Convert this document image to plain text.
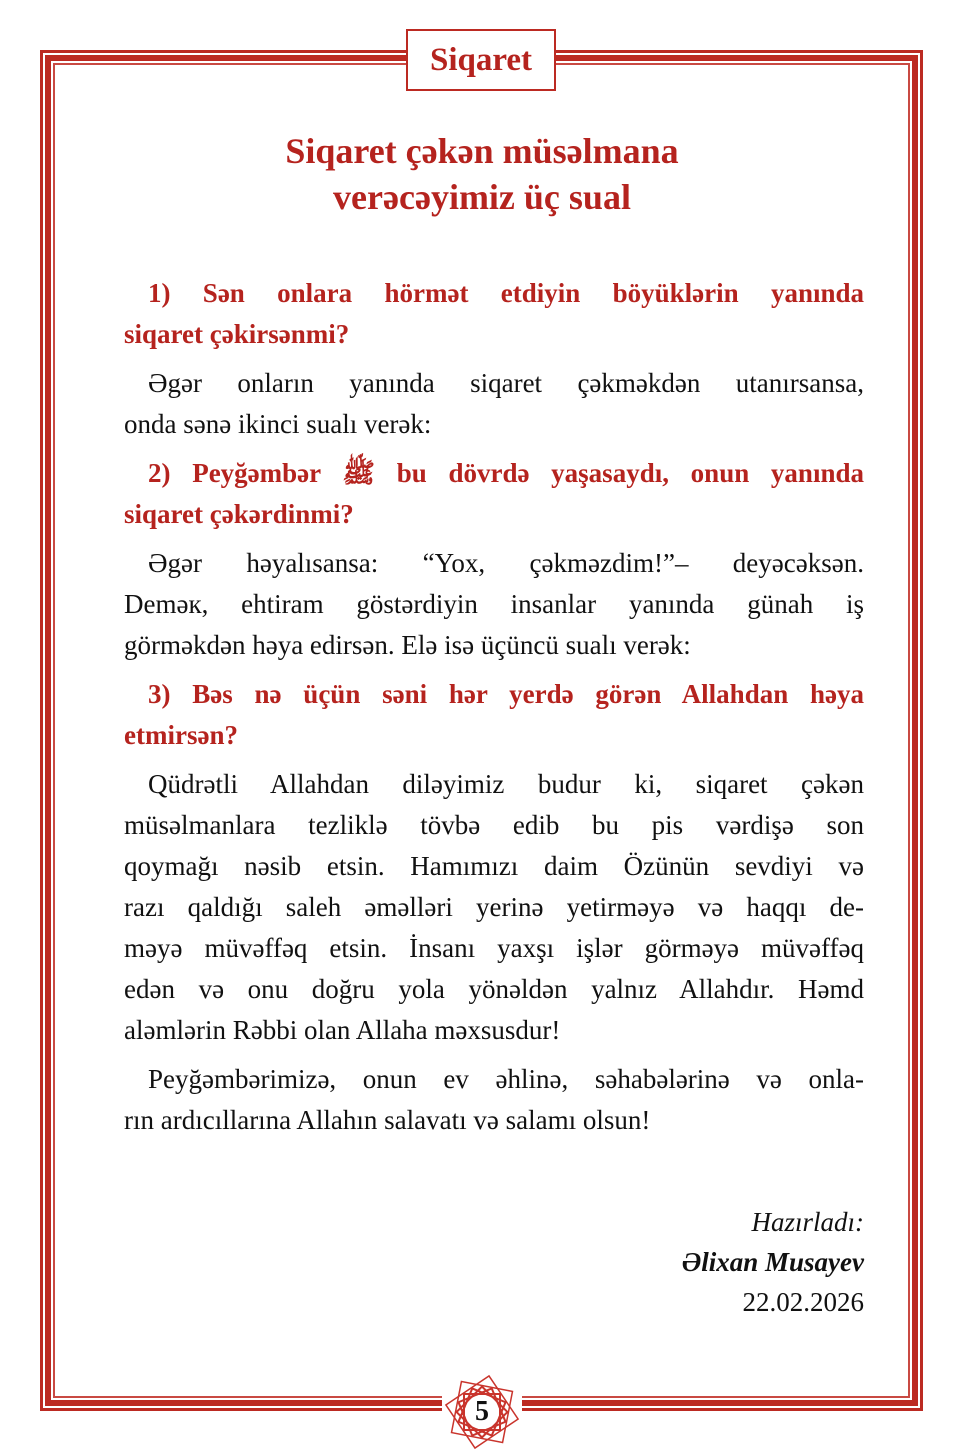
Siqaret
Siqaret çəkən müsəlmana
verəcəyimiz üç sual
1) Sən onlara hörmət etdiyin böyüklərin yanında
siqaret çəkirsənmi?
Əgər onların yanında siqaret çəkməkdən utanırsansa,
onda sənə ikinci sualı verək:
2) Peyğəmbər ﷺ bu dövrdə yaşasaydı, onun yanında
siqaret çəkərdinmi?
Əgər həyalısansa: “Yox, çəkməzdim!”– deyəcəksən.
Deməк, ehtiram göstərdiyin insanlar yanında günah iş
görməkdən həya edirsən. Elə isə üçüncü sualı verək:
3) Bəs nə üçün səni hər yerdə görən Allahdan həya
etmirsən?
Qüdrətli Allahdan diləyimiz budur ki, siqaret çəkən
müsəlmanlara tezliklə tövbə edib bu pis vərdişə son
qoymağı nəsib etsin. Hamımızı daim Özünün sevdiyi və
razı qaldığı saleh əməlləri yerinə yetirməyə və haqqı de-
məyə müvəffəq etsin. İnsanı yaxşı işlər görməyə müvəffəq
edən və onu doğru yola yönəldən yalnız Allahdır. Həmd
aləmlərin Rəbbi olan Allaha məxsusdur!
Peyğəmbərimizə, onun ev əhlinə, səhabələrinə və onla-
rın ardıcıllarına Allahın salavatı və salamı olsun!
Hazırladı:
Əlixan Musayev
22.02.2026
5
